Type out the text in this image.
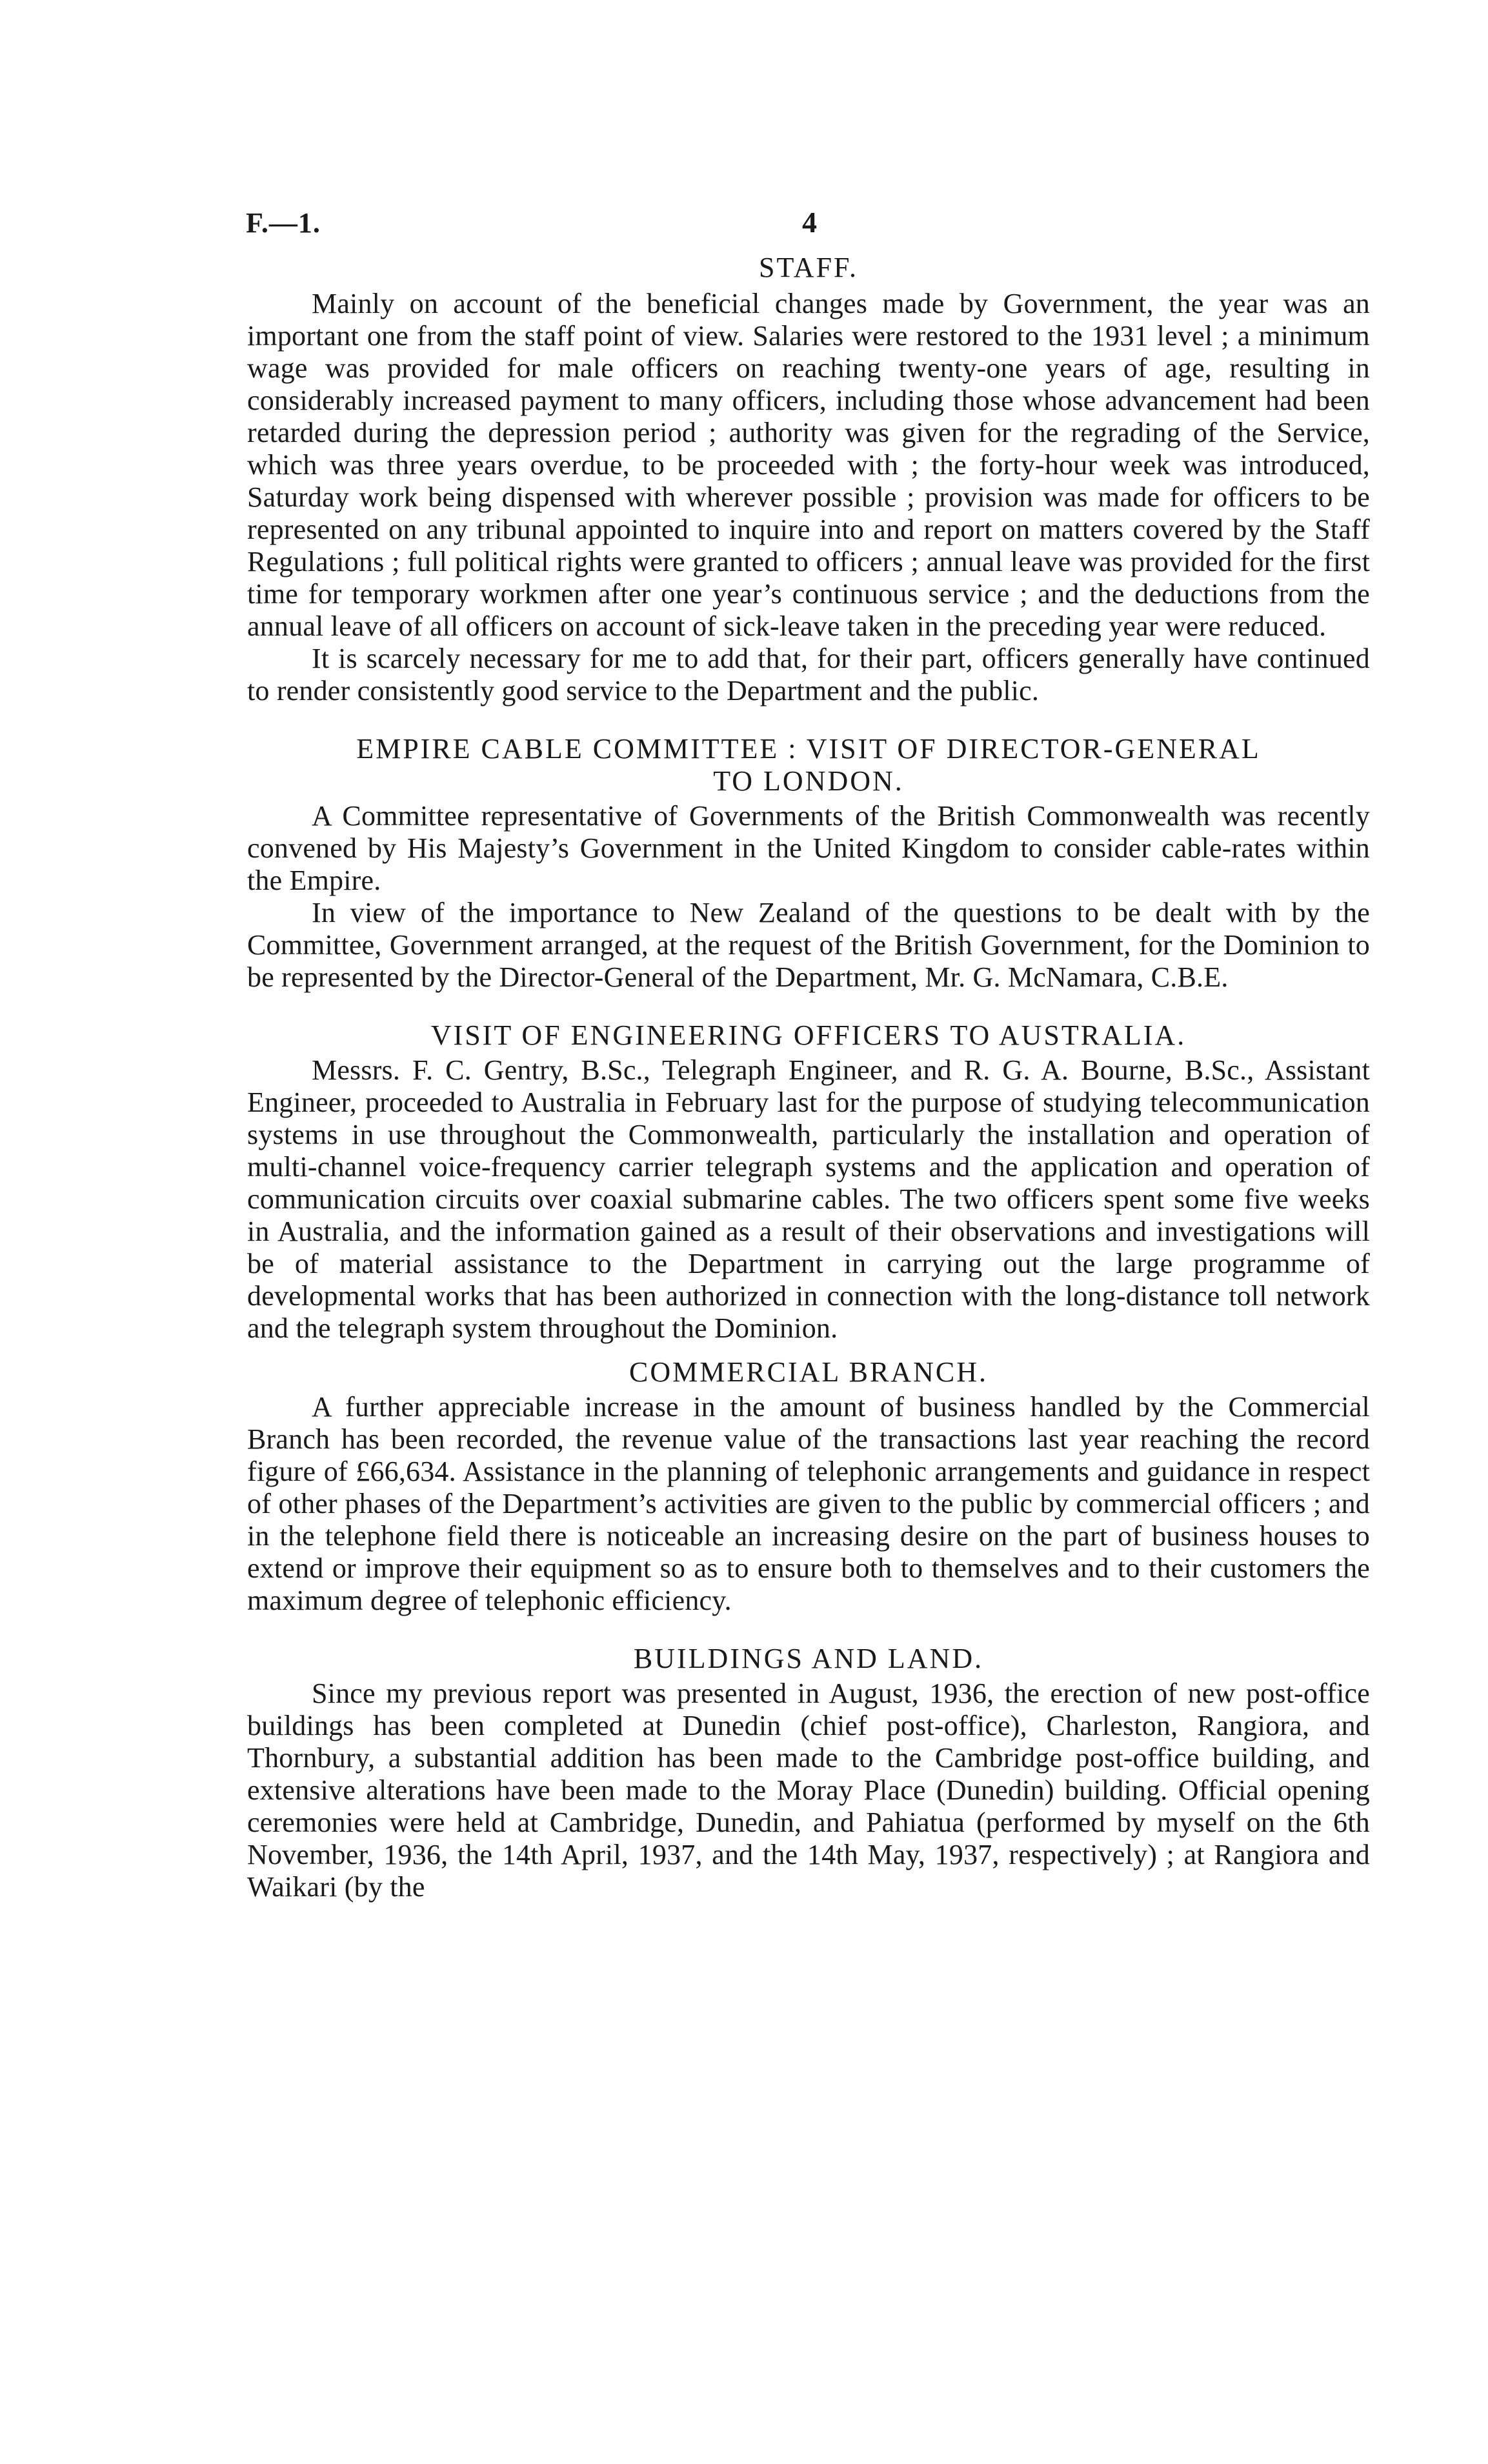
F.—1.	4
STAFF.

Mainly on account of the beneficial changes made by Government, the year was an important one from the staff point of view. Salaries were restored to the 1931 level ; a minimum wage was provided for male officers on reaching twenty-one years of age, resulting in considerably increased payment to many officers, including those whose advancement had been retarded during the depression period ; authority was given for the regrading of the Service, which was three years overdue, to be proceeded with ; the forty-hour week was introduced, Saturday work being dispensed with wherever possible ; provision was made for officers to be represented on any tribunal appointed to inquire into and report on matters covered by the Staff Regulations ; full political rights were granted to officers ; annual leave was provided for the first time for temporary workmen after one year’s continuous service ; and the deductions from the annual leave of all officers on account of sick-leave taken in the preceding year were reduced.

It is scarcely necessary for me to add that, for their part, officers generally have continued to render consistently good service to the Department and the public.

EMPIRE CABLE COMMITTEE : VISIT OF DIRECTOR-GENERAL TO LONDON.

A Committee representative of Governments of the British Commonwealth was recently convened by His Majesty’s Government in the United Kingdom to consider cable-rates within the Empire.

In view of the importance to New Zealand of the questions to be dealt with by the Committee, Government arranged, at the request of the British Government, for the Dominion to be represented by the Director-General of the Department, Mr. G. McNamara, C.B.E.

VISIT OF ENGINEERING OFFICERS TO AUSTRALIA.

Messrs. F. C. Gentry, B.Sc., Telegraph Engineer, and R. G. A. Bourne, B.Sc., Assistant Engineer, proceeded to Australia in February last for the purpose of studying telecommunication systems in use throughout the Commonwealth, particularly the installation and operation of multi-channel voice-frequency carrier telegraph systems and the application and operation of communication circuits over coaxial submarine cables. The two officers spent some five weeks in Australia, and the information gained as a result of their observations and investigations will be of material assistance to the Department in carrying out the large programme of developmental works that has been authorized in connection with the long-distance toll network and the telegraph system throughout the Dominion.

COMMERCIAL BRANCH.

A further appreciable increase in the amount of business handled by the Commercial Branch has been recorded, the revenue value of the transactions last year reaching the record figure of £66,634. Assistance in the planning of telephonic arrangements and guidance in respect of other phases of the Department’s activities are given to the public by commercial officers ; and in the telephone field there is noticeable an increasing desire on the part of business houses to extend or improve their equipment so as to ensure both to themselves and to their customers the maximum degree of telephonic efficiency.

BUILDINGS AND LAND.

Since my previous report was presented in August, 1936, the erection of new post-office buildings has been completed at Dunedin (chief post-office), Charleston, Rangiora, and Thornbury, a substantial addition has been made to the Cambridge post-office building, and extensive alterations have been made to the Moray Place (Dunedin) building. Official opening ceremonies were held at Cambridge, Dunedin, and Pahiatua (performed by myself on the 6th November, 1936, the 14th April, 1937, and the 14th May, 1937, respectively) ; at Rangiora and Waikari (by the
